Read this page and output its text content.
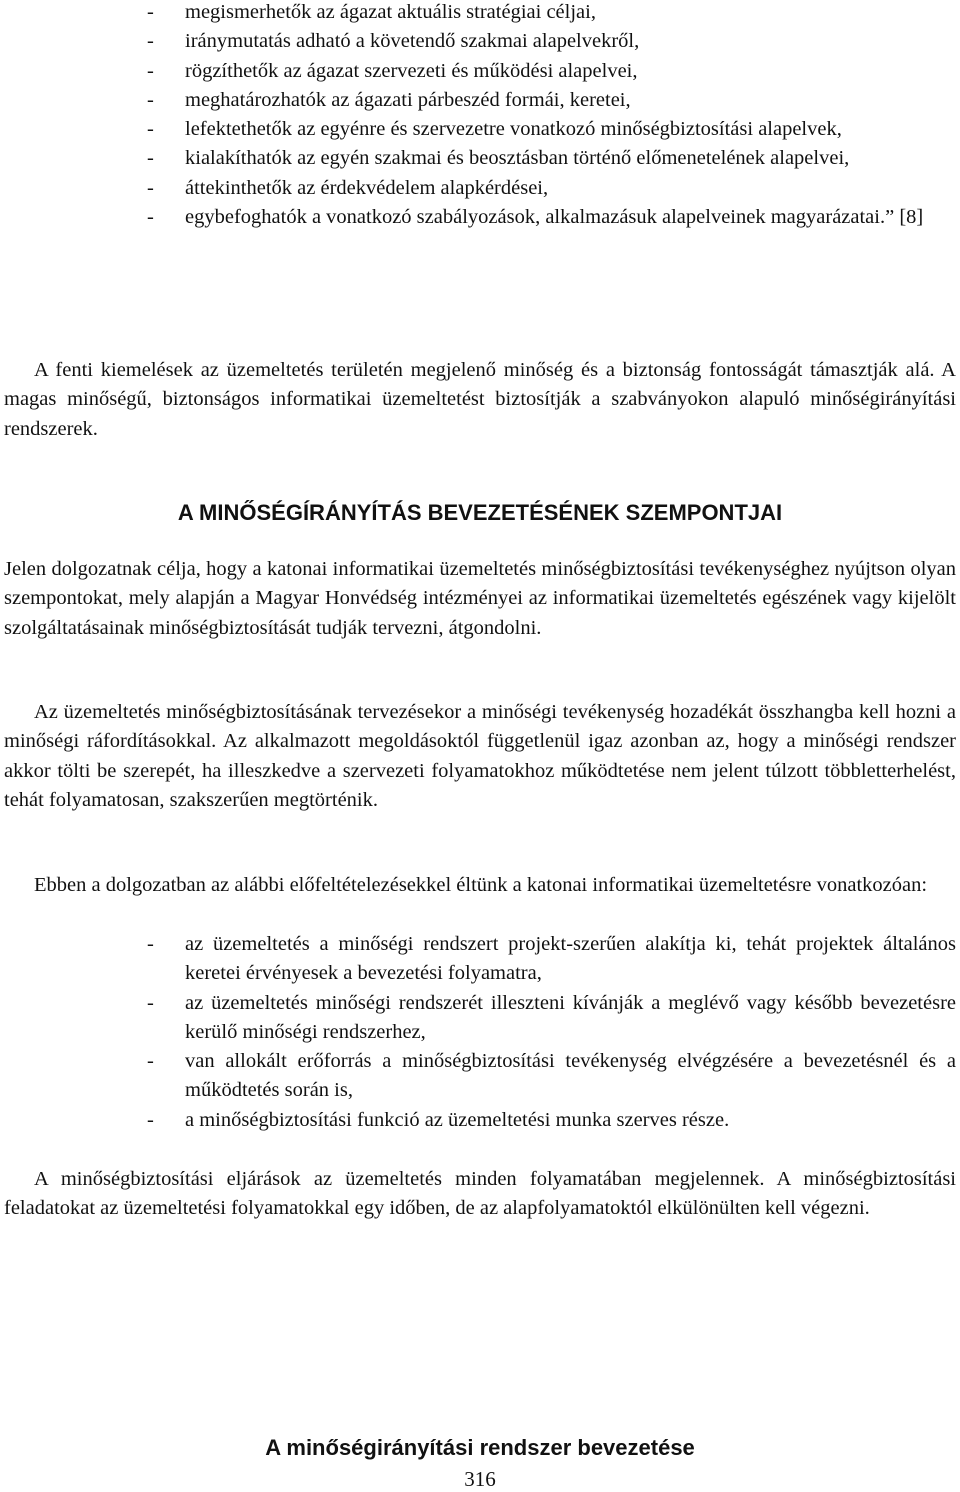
- megismerhetők az ágazat aktuális stratégiai céljai,
- iránymutatás adható a követendő szakmai alapelvekről,
- rögzíthetők az ágazat szervezeti és működési alapelvei,
- meghatározhatók az ágazati párbeszéd formái, keretei,
- lefektethetők az egyénre és szervezetre vonatkozó minőségbiztosítási alapelvek,
- kialakíthatók az egyén szakmai és beosztásban történő előmenetelének alapelvei,
- áttekinthetők az érdekvédelem alapkérdései,
- egybefoghatók a vonatkozó szabályozások, alkalmazásuk alapelveinek magyarázatai.” [8]

A fenti kiemelések az üzemeltetés területén megjelenő minőség és a biztonság fontosságát támasztják alá. A magas minőségű, biztonságos informatikai üzemeltetést biztosítják a szabványokon alapuló minőségirányítási rendszerek.

A MINŐSÉGÍRÁNYÍTÁS BEVEZETÉSÉNEK SZEMPONTJAI

Jelen dolgozatnak célja, hogy a katonai informatikai üzemeltetés minőségbiztosítási tevékenységhez nyújtson olyan szempontokat, mely alapján a Magyar Honvédség intézményei az informatikai üzemeltetés egészének vagy kijelölt szolgáltatásainak minőségbiztosítását tudják tervezni, átgondolni.

Az üzemeltetés minőségbiztosításának tervezésekor a minőségi tevékenység hozadékát összhangba kell hozni a minőségi ráfordításokkal. Az alkalmazott megoldásoktól függetlenül igaz azonban az, hogy a minőségi rendszer akkor tölti be szerepét, ha illeszkedve a szervezeti folyamatokhoz működtetése nem jelent túlzott többletterhelést, tehát folyamatosan, szakszerűen megtörténik.

Ebben a dolgozatban az alábbi előfeltételezésekkel éltünk a katonai informatikai üzemeltetésre vonatkozóan:

- az üzemeltetés a minőségi rendszert projekt-szerűen alakítja ki, tehát projektek általános keretei érvényesek a bevezetési folyamatra,
- az üzemeltetés minőségi rendszerét illeszteni kívánják a meglévő vagy később bevezetésre kerülő minőségi rendszerhez,
- van allokált erőforrás a minőségbiztosítási tevékenység elvégzésére a bevezetésnél és a működtetés során is,
- a minőségbiztosítási funkció az üzemeltetési munka szerves része.

A minőségbiztosítási eljárások az üzemeltetés minden folyamatában megjelennek. A minőségbiztosítási feladatokat az üzemeltetési folyamatokkal egy időben, de az alapfolyamatoktól elkülönülten kell végezni.

A minőségirányítási rendszer bevezetése
316
